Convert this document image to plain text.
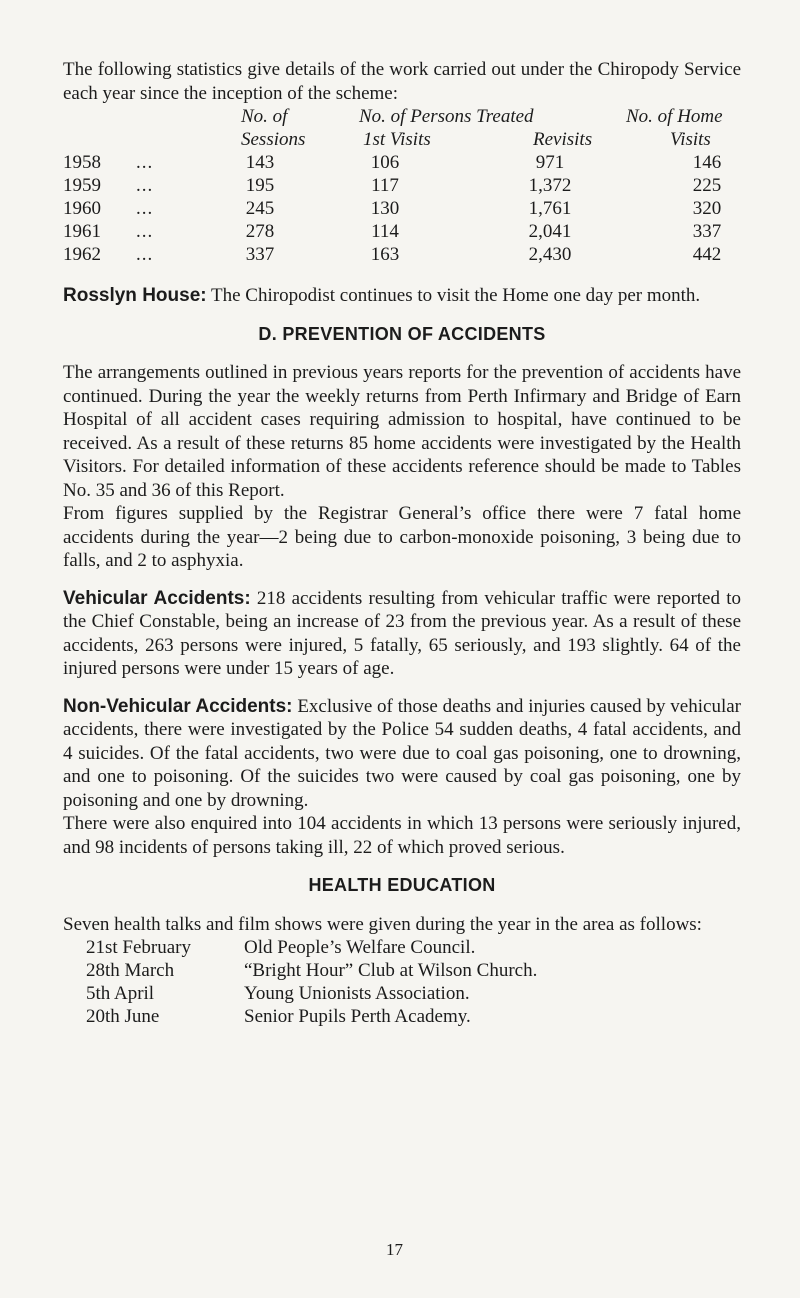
The following statistics give details of the work carried out under the Chiropody Service each year since the inception of the scheme:

No. of	No. of Persons Treated	No. of Home
Sessions	1st Visits	Revisits	Visits
1958 ...	143	106	971	146
1959 ...	195	117	1,372	225
1960 ...	245	130	1,761	320
1961 ...	278	114	2,041	337
1962 ...	337	163	2,430	442

Rosslyn House: The Chiropodist continues to visit the Home one day per month.

D. PREVENTION OF ACCIDENTS

The arrangements outlined in previous years reports for the prevention of accidents have continued. During the year the weekly returns from Perth Infirmary and Bridge of Earn Hospital of all accident cases requiring admission to hospital, have continued to be received. As a result of these returns 85 home accidents were investigated by the Health Visitors. For detailed information of these accidents reference should be made to Tables No. 35 and 36 of this Report.

From figures supplied by the Registrar General’s office there were 7 fatal home accidents during the year—2 being due to carbon-monoxide poisoning, 3 being due to falls, and 2 to asphyxia.

Vehicular Accidents: 218 accidents resulting from vehicular traffic were reported to the Chief Constable, being an increase of 23 from the previous year. As a result of these accidents, 263 persons were injured, 5 fatally, 65 seriously, and 193 slightly. 64 of the injured persons were under 15 years of age.

Non-Vehicular Accidents: Exclusive of those deaths and injuries caused by vehicular accidents, there were investigated by the Police 54 sudden deaths, 4 fatal accidents, and 4 suicides. Of the fatal accidents, two were due to coal gas poisoning, one to drowning, and one to poisoning. Of the suicides two were caused by coal gas poisoning, one by poisoning and one by drowning.

There were also enquired into 104 accidents in which 13 persons were seriously injured, and 98 incidents of persons taking ill, 22 of which proved serious.

HEALTH EDUCATION

Seven health talks and film shows were given during the year in the area as follows:

21st February	Old People’s Welfare Council.
28th March	“Bright Hour” Club at Wilson Church.
5th April	Young Unionists Association.
20th June	Senior Pupils Perth Academy.
17
